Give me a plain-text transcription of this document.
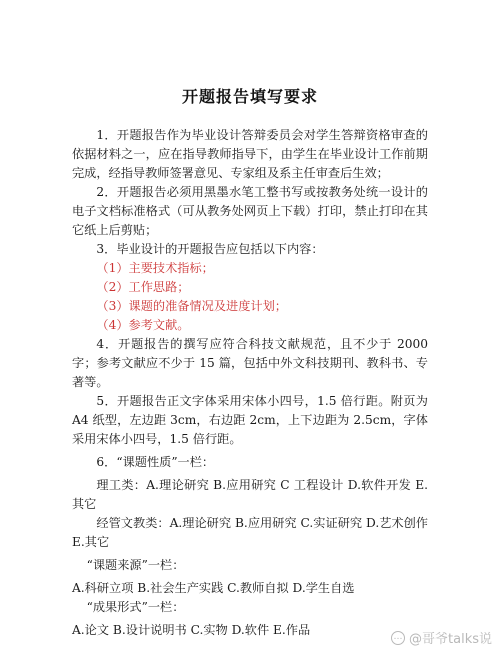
开题报告填写要求

1．开题报告作为毕业设计答辩委员会对学生答辩资格审查的依据材料之一，应在指导教师指导下，由学生在毕业设计工作前期完成，经指导教师签署意见、专家组及系主任审查后生效；

2．开题报告必须用黑墨水笔工整书写或按教务处统一设计的电子文档标准格式（可从教务处网页上下载）打印，禁止打印在其它纸上后剪贴；

3．毕业设计的开题报告应包括以下内容：

（1）主要技术指标；
（2）工作思路；
（3）课题的准备情况及进度计划；
（4）参考文献。

4．开题报告的撰写应符合科技文献规范，且不少于 2000 字；参考文献应不少于 15 篇，包括中外文科技期刊、教科书、专著等。

5．开题报告正文字体采用宋体小四号，1.5 倍行距。附页为 A4 纸型，左边距 3cm，右边距 2cm，上下边距为 2.5cm，字体采用宋体小四号，1.5 倍行距。

6．“课题性质”一栏：

理工类：A.理论研究 B.应用研究 C 工程设计 D.软件开发 E.其它

经管文教类：A.理论研究 B.应用研究 C.实证研究 D.艺术创作 E.其它

“课题来源”一栏：

A.科研立项 B.社会生产实践 C.教师自拟 D.学生自选

“成果形式”一栏：

A.论文 B.设计说明书 C.实物 D.软件 E.作品	… @哥爷talks说
